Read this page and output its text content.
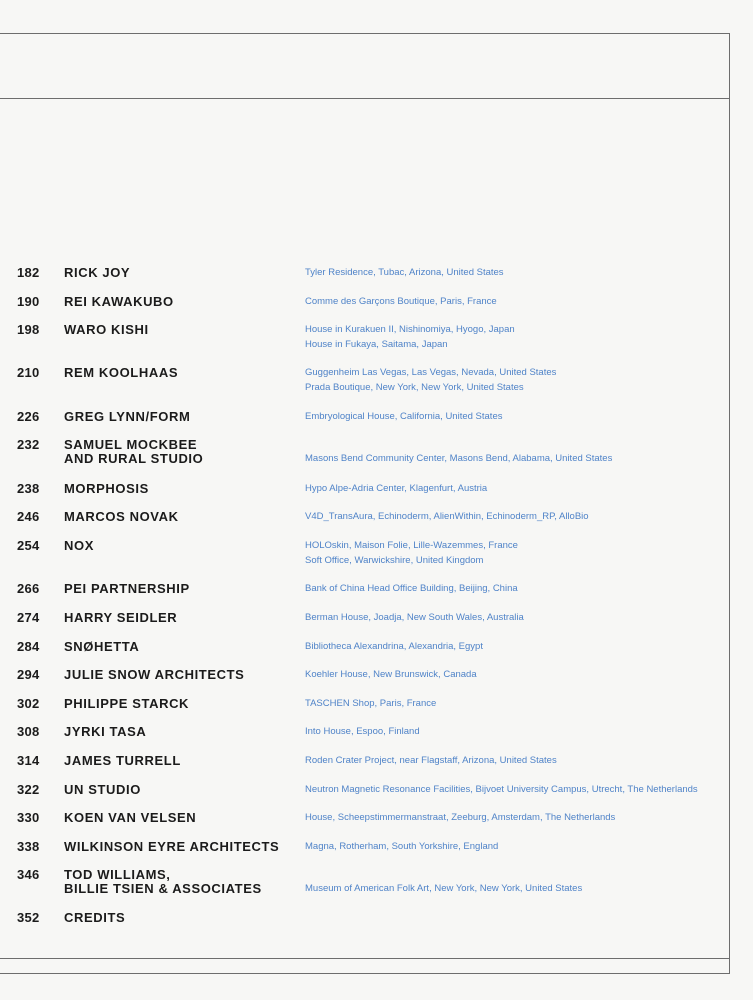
182	RICK JOY	Tyler Residence, Tubac, Arizona, United States
190	REI KAWAKUBO	Comme des Garçons Boutique, Paris, France
198	WARO KISHI	House in Kurakuen II, Nishinomiya, Hyogo, Japan
House in Fukaya, Saitama, Japan
210	REM KOOLHAAS	Guggenheim Las Vegas, Las Vegas, Nevada, United States
Prada Boutique, New York, New York, United States
226	GREG LYNN/FORM	Embryological House, California, United States
232	SAMUEL MOCKBEE
AND RURAL STUDIO	Masons Bend Community Center, Masons Bend, Alabama, United States
238	MORPHOSIS	Hypo Alpe-Adria Center, Klagenfurt, Austria
246	MARCOS NOVAK	V4D_TransAura, Echinoderm, AlienWithin, Echinoderm_RP, AlloBio
254	NOX	HOLOskin, Maison Folie, Lille-Wazemmes, France
Soft Office, Warwickshire, United Kingdom
266	PEI PARTNERSHIP	Bank of China Head Office Building, Beijing, China
274	HARRY SEIDLER	Berman House, Joadja, New South Wales, Australia
284	SNØHETTA	Bibliotheca Alexandrina, Alexandria, Egypt
294	JULIE SNOW ARCHITECTS	Koehler House, New Brunswick, Canada
302	PHILIPPE STARCK	TASCHEN Shop, Paris, France
308	JYRKI TASA	Into House, Espoo, Finland
314	JAMES TURRELL	Roden Crater Project, near Flagstaff, Arizona, United States
322	UN STUDIO	Neutron Magnetic Resonance Facilities, Bijvoet University Campus, Utrecht, The Netherlands
330	KOEN VAN VELSEN	House, Scheepstimmermanstraat, Zeeburg, Amsterdam, The Netherlands
338	WILKINSON EYRE ARCHITECTS	Magna, Rotherham, South Yorkshire, England
346	TOD WILLIAMS,
BILLIE TSIEN & ASSOCIATES	Museum of American Folk Art, New York, New York, United States
352	CREDITS
